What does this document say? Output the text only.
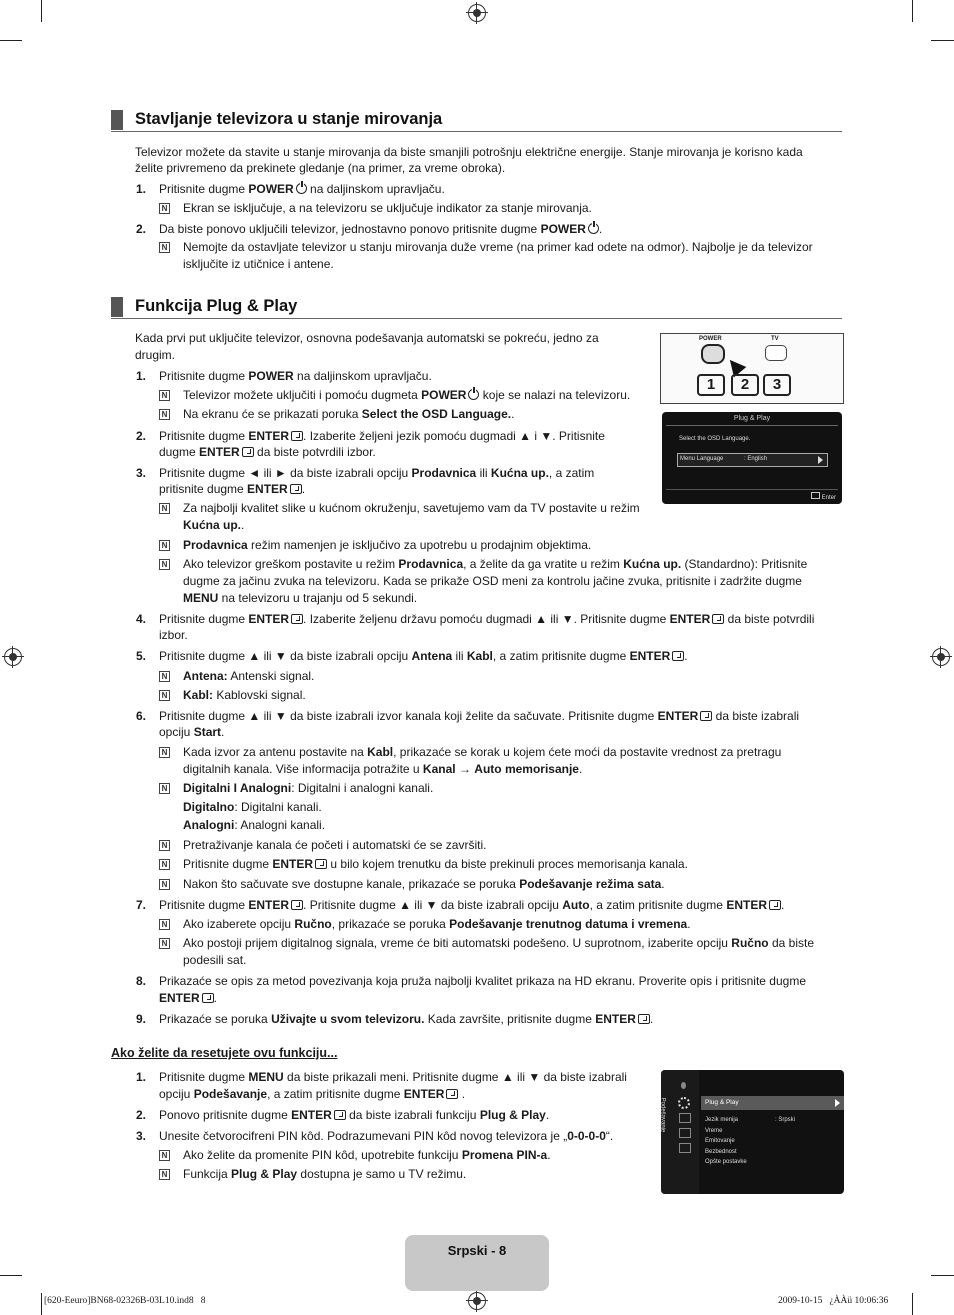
Stavljanje televizora u stanje mirovanja
Televizor možete da stavite u stanje mirovanja da biste smanjili potrošnju električne energije. Stanje mirovanja je korisno kada
želite privremeno da prekinete gledanje (na primer, za vreme obroka).
1. Pritisnite dugme POWER na daljinskom upravljaču.
N Ekran se isključuje, a na televizoru se uključuje indikator za stanje mirovanja.
2. Da biste ponovo uključili televizor, jednostavno ponovo pritisnite dugme POWER .
N Nemojte da ostavljate televizor u stanju mirovanja duže vreme (na primer kad odete na odmor). Najbolje je da televizor
isključite iz utičnice i antene.
Funkcija Plug & Play
Kada prvi put uključite televizor, osnovna podešavanja automatski se pokreću, jedno za
drugim.
POWER	TV
1	2	3
Plug & Play
Select the OSD Language.
Menu Language	: English
Enter
1. Pritisnite dugme POWER na daljinskom upravljaču.
N Televizor možete uključiti i pomoću dugmeta POWER koje se nalazi na televizoru.
N Na ekranu će se prikazati poruka Select the OSD Language..
2. Pritisnite dugme ENTER . Izaberite željeni jezik pomoću dugmadi ▲ i ▼. Pritisnite
dugme ENTER da biste potvrdili izbor.
3. Pritisnite dugme ◄ ili ► da biste izabrali opciju Prodavnica ili Kućna up., a zatim
pritisnite dugme ENTER .
N Za najbolji kvalitet slike u kućnom okruženju, savetujemo vam da TV postavite u režim
Kućna up..
N Prodavnica režim namenjen je isključivo za upotrebu u prodajnim objektima.
N Ako televizor greškom postavite u režim Prodavnica, a želite da ga vratite u režim Kućna up. (Standardno): Pritisnite
dugme za jačinu zvuka na televizoru. Kada se prikaže OSD meni za kontrolu jačine zvuka, pritisnite i zadržite dugme
MENU na televizoru u trajanju od 5 sekundi.
4. Pritisnite dugme ENTER . Izaberite željenu državu pomoću dugmadi ▲ ili ▼. Pritisnite dugme ENTER da biste potvrdili
izbor.
5. Pritisnite dugme ▲ ili ▼ da biste izabrali opciju Antena ili Kabl, a zatim pritisnite dugme ENTER .
N Antena: Antenski signal.
N Kabl: Kablovski signal.
6. Pritisnite dugme ▲ ili ▼ da biste izabrali izvor kanala koji želite da sačuvate. Pritisnite dugme ENTER da biste izabrali
opciju Start.
N Kada izvor za antenu postavite na Kabl, prikazaće se korak u kojem ćete moći da postavite vrednost za pretragu
digitalnih kanala. Više informacija potražite u Kanal → Auto memorisanje.
N Digitalni I Analogni: Digitalni i analogni kanali.
Digitalno: Digitalni kanali.
Analogni: Analogni kanali.
N Pretraživanje kanala će početi i automatski će se završiti.
N Pritisnite dugme ENTER u bilo kojem trenutku da biste prekinuli proces memorisanja kanala.
N Nakon što sačuvate sve dostupne kanale, prikazaće se poruka Podešavanje režima sata.
7. Pritisnite dugme ENTER . Pritisnite dugme ▲ ili ▼ da biste izabrali opciju Auto, a zatim pritisnite dugme ENTER .
N Ako izaberete opciju Ručno, prikazaće se poruka Podešavanje trenutnog datuma i vremena.
N Ako postoji prijem digitalnog signala, vreme će biti automatski podešeno. U suprotnom, izaberite opciju Ručno da biste
podesili sat.
8. Prikazaće se opis za metod povezivanja koja pruža najbolji kvalitet prikaza na HD ekranu. Proverite opis i pritisnite dugme
ENTER .
9. Prikazaće se poruka Uživajte u svom televizoru. Kada završite, pritisnite dugme ENTER .
Ako želite da resetujete ovu funkciju...
1. Pritisnite dugme MENU da biste prikazali meni. Pritisnite dugme ▲ ili ▼ da biste izabrali
opciju Podešavanje, a zatim pritisnite dugme ENTER .
2. Ponovo pritisnite dugme ENTER da biste izabrali funkciju Plug & Play.
3. Unesite četvorocifreni PIN kôd. Podrazumevani PIN kôd novog televizora je „0-0-0-0“.
N Ako želite da promenite PIN kôd, upotrebite funkciju Promena PIN-a.
N Funkcija Plug & Play dostupna je samo u TV režimu.
Podešavanje	Plug & Play
Jezik menija	: Srpski
Vreme
Emitovanje
Bezbednost
Opšte postavke
Srpski - 8
[620-Eeuro]BN68-02326B-03L10.ind8   8	2009-10-15   ¿ÀÀü 10:06:36
